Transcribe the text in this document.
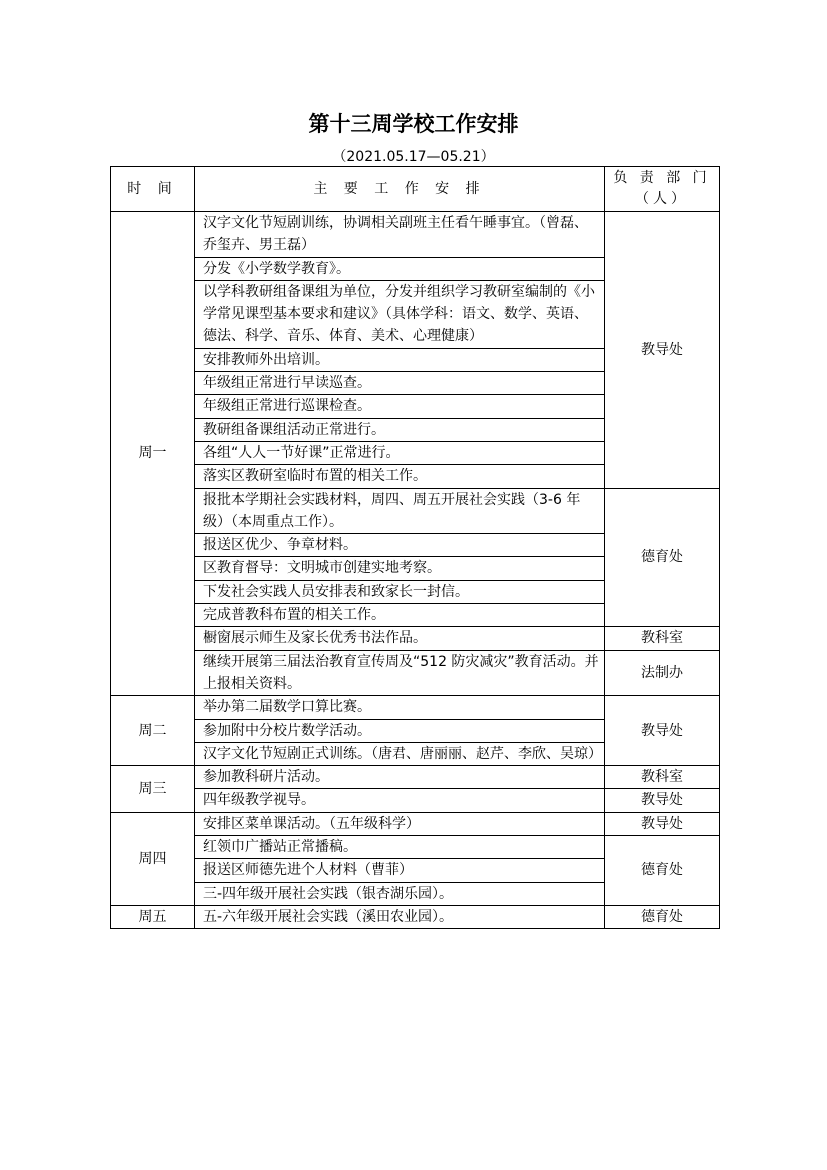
第十三周学校工作安排
（2021.05.17—05.21）
时 间	主 要 工 作 安 排	负 责 部 门（人）
周一	汉字文化节短剧训练，协调相关副班主任看午睡事宜。（曾磊、乔玺卉、男王磊）	教导处
	分发《小学数学教育》。	
	以学科教研组备课组为单位，分发并组织学习教研室编制的《小学常见课型基本要求和建议》（具体学科：语文、数学、英语、德法、科学、音乐、体育、美术、心理健康）	
	安排教师外出培训。	
	年级组正常进行早读巡查。	
	年级组正常进行巡课检查。	
	教研组备课组活动正常进行。	
	各组“人人一节好课”正常进行。	
	落实区教研室临时布置的相关工作。	
	报批本学期社会实践材料，周四、周五开展社会实践（3-6 年级）（本周重点工作）。	德育处
	报送区优少、争章材料。	
	区教育督导：文明城市创建实地考察。	
	下发社会实践人员安排表和致家长一封信。	
	完成普教科布置的相关工作。	
	橱窗展示师生及家长优秀书法作品。	教科室
	继续开展第三届法治教育宣传周及“512 防灾减灾”教育活动。并上报相关资料。	法制办
周二	举办第二届数学口算比赛。	教导处
	参加附中分校片数学活动。	
	汉字文化节短剧正式训练。（唐君、唐丽丽、赵芹、李欣、吴琼）	
周三	参加教科研片活动。	教科室
	四年级教学视导。	教导处
周四	安排区菜单课活动。（五年级科学）	教导处
	红领巾广播站正常播稿。	德育处
	报送区师德先进个人材料（曹菲）	
	三-四年级开展社会实践（银杏湖乐园）。	
周五	五-六年级开展社会实践（溪田农业园）。	德育处
